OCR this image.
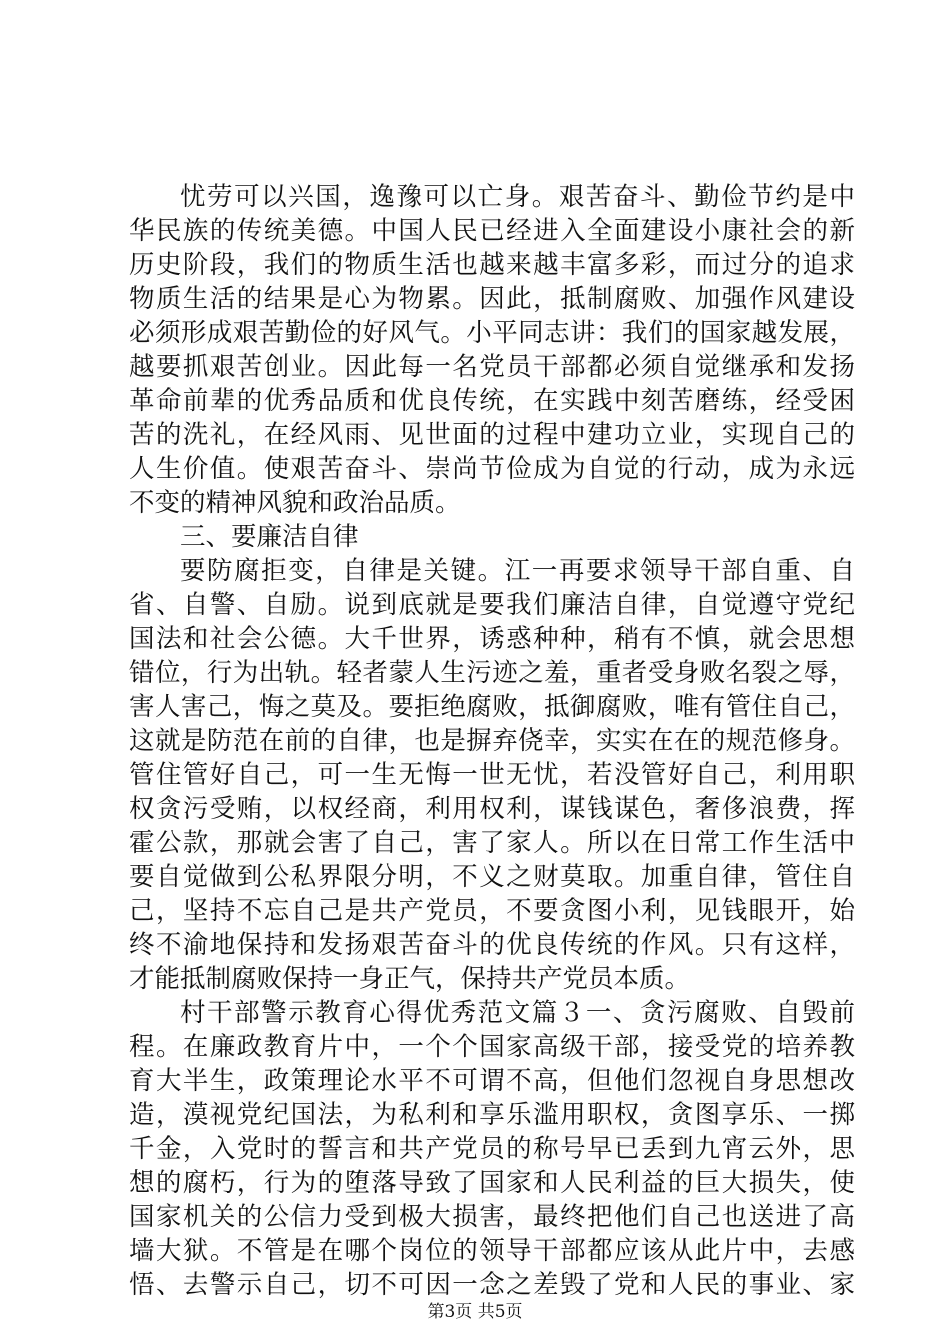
忧劳可以兴国，逸豫可以亡身。艰苦奋斗、勤俭节约是中
华民族的传统美德。中国人民已经进入全面建设小康社会的新
历史阶段，我们的物质生活也越来越丰富多彩，而过分的追求
物质生活的结果是心为物累。因此，抵制腐败、加强作风建设
必须形成艰苦勤俭的好风气。小平同志讲：我们的国家越发展，
越要抓艰苦创业。因此每一名党员干部都必须自觉继承和发扬
革命前辈的优秀品质和优良传统，在实践中刻苦磨练，经受困
苦的洗礼，在经风雨、见世面的过程中建功立业，实现自己的
人生价值。使艰苦奋斗、崇尚节俭成为自觉的行动，成为永远
不变的精神风貌和政治品质。
三、要廉洁自律
要防腐拒变，自律是关键。江一再要求领导干部自重、自
省、自警、自励。说到底就是要我们廉洁自律，自觉遵守党纪
国法和社会公德。大千世界，诱惑种种，稍有不慎，就会思想
错位，行为出轨。轻者蒙人生污迹之羞，重者受身败名裂之辱，
害人害己，悔之莫及。要拒绝腐败，抵御腐败，唯有管住自己，
这就是防范在前的自律，也是摒弃侥幸，实实在在的规范修身。
管住管好自己，可一生无悔一世无忧，若没管好自己，利用职
权贪污受贿，以权经商，利用权利，谋钱谋色，奢侈浪费，挥
霍公款，那就会害了自己，害了家人。所以在日常工作生活中
要自觉做到公私界限分明，不义之财莫取。加重自律，管住自
己，坚持不忘自己是共产党员，不要贪图小利，见钱眼开，始
终不渝地保持和发扬艰苦奋斗的优良传统的作风。只有这样，
才能抵制腐败保持一身正气，保持共产党员本质。
村干部警示教育心得优秀范文篇３一、贪污腐败、自毁前
程。在廉政教育片中，一个个国家高级干部，接受党的培养教
育大半生，政策理论水平不可谓不高，但他们忽视自身思想改
造，漠视党纪国法，为私利和享乐滥用职权，贪图享乐、一掷
千金，入党时的誓言和共产党员的称号早已丢到九宵云外，思
想的腐朽，行为的堕落导致了国家和人民利益的巨大损失，使
国家机关的公信力受到极大损害，最终把他们自己也送进了高
墙大狱。不管是在哪个岗位的领导干部都应该从此片中，去感
悟、去警示自己，切不可因一念之差毁了党和人民的事业、家
第3页 共5页
